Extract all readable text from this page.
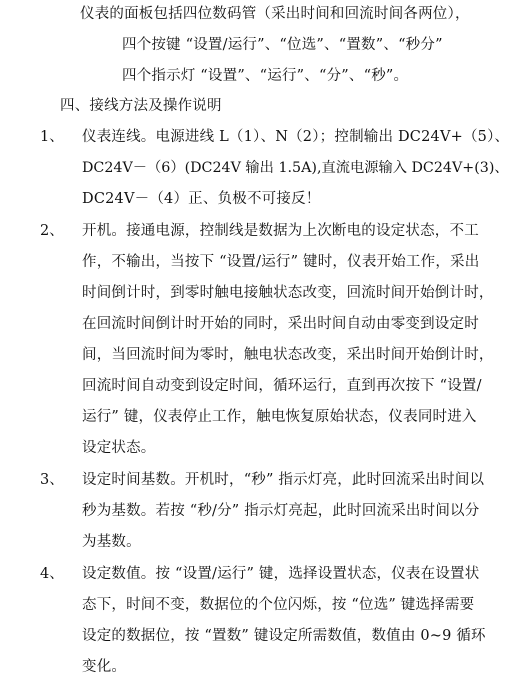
仪表的面板包括四位数码管（采出时间和回流时间各两位），
四个按键 “设置/运行”、“位选”、“置数”、“秒分”
四个指示灯 “设置”、“运行”、“分”、“秒”。
四、接线方法及操作说明
1、 仪表连线。电源进线 L（1）、N（2）；控制输出 DC24V+（5）、
DC24V－（6）(DC24V 输出 1.5A),直流电源输入 DC24V+(3)、
DC24V－（4）正、负极不可接反！
2、 开机。接通电源，控制线是数据为上次断电的设定状态，不工
作，不输出，当按下 “设置/运行” 键时，仪表开始工作，采出
时间倒计时，到零时触电接触状态改变，回流时间开始倒计时，
在回流时间倒计时开始的同时，采出时间自动由零变到设定时
间，当回流时间为零时，触电状态改变，采出时间开始倒计时，
回流时间自动变到设定时间，循环运行，直到再次按下 “设置/
运行” 键，仪表停止工作，触电恢复原始状态，仪表同时进入
设定状态。
3、 设定时间基数。开机时，“秒” 指示灯亮，此时回流采出时间以
秒为基数。若按 “秒/分” 指示灯亮起，此时回流采出时间以分
为基数。
4、 设定数值。按 “设置/运行” 键，选择设置状态，仪表在设置状
态下，时间不变，数据位的个位闪烁，按 “位选” 键选择需要
设定的数据位，按 “置数” 键设定所需数值，数值由 0~9 循环
变化。
